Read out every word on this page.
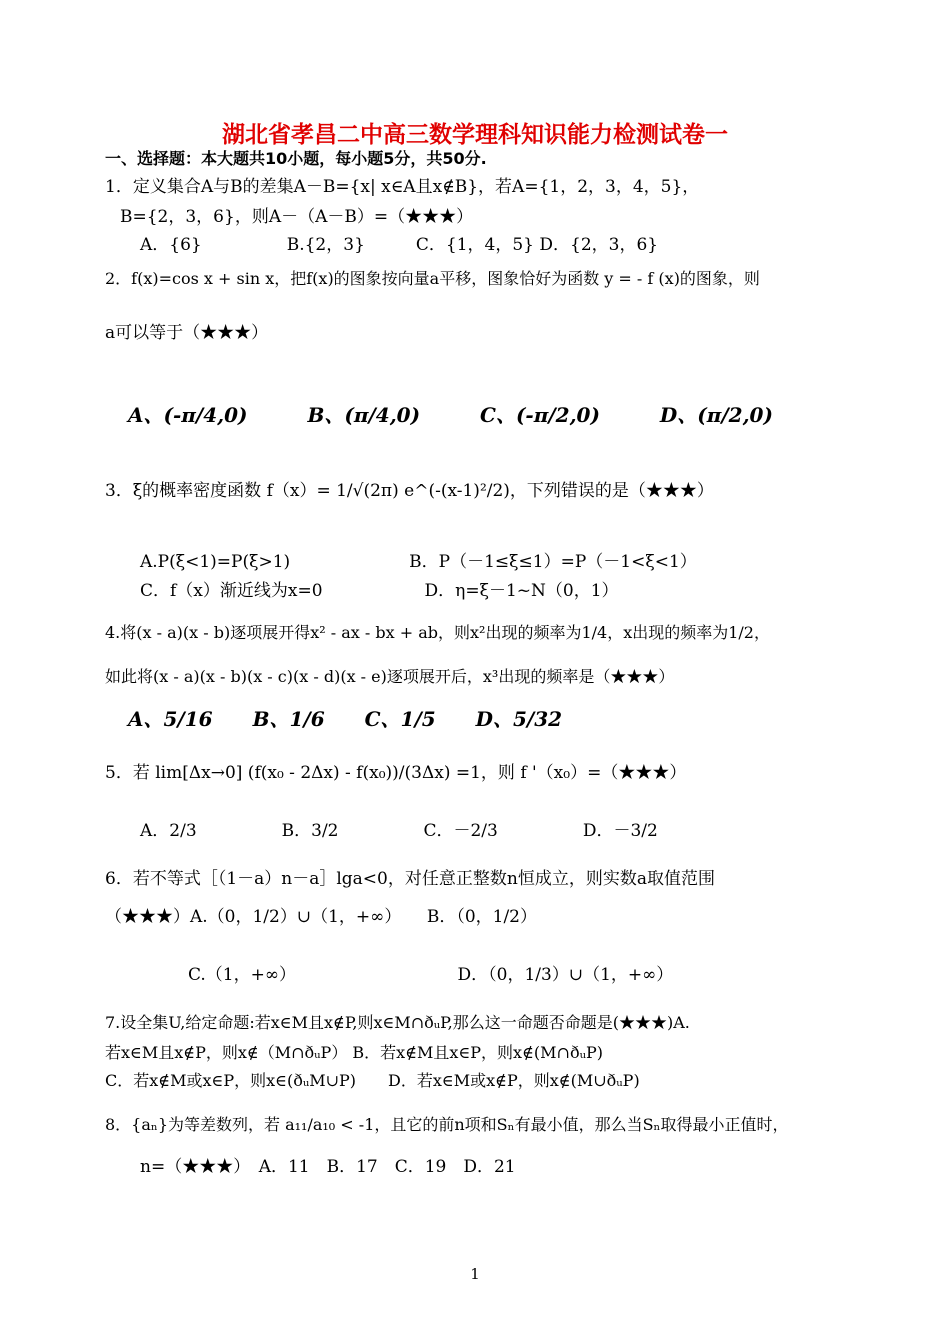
湖北省孝昌二中高三数学理科知识能力检测试卷一
一、选择题：本大题共10小题，每小题5分，共50分.
1．定义集合A与B的差集A－B={x| x∈A且x∉B}，若A={1，2，3，4，5}，
B={2，3，6}，则A－（A－B）=（★★★）
A．{6}　　　　　B.{2，3}　　　C．{1，4，5} D．{2，3，6}
2．f(x)=cos x + sin x，把f(x)的图象按向量a平移，图象恰好为函数 y = - f (x)的图象，则
a可以等于（★★★）
A、(-π/4,0)　　　B、(π/4,0)　　　C、(-π/2,0)　　　D、(π/2,0)
3．ξ的概率密度函数 f（x）= 1/√(2π) e^(-(x-1)²/2)，下列错误的是（★★★）
A.P(ξ<1)=P(ξ>1)　　　　　　　B．P（－1≤ξ≤1）=P（－1<ξ<1）
C．f（x）渐近线为x=0　　　　　　D．η=ξ－1~N（0，1）
4.将(x - a)(x - b)逐项展开得x² - ax - bx + ab，则x²出现的频率为1/4，x出现的频率为1/2，
如此将(x - a)(x - b)(x - c)(x - d)(x - e)逐项展开后，x³出现的频率是（★★★）
A、5/16　　B、1/6　　C、1/5　　D、5/32
5．若 lim[Δx→0] (f(x₀ - 2Δx) - f(x₀))/(3Δx) =1，则 f '（x₀）=（★★★）
A．2/3　　　　　B．3/2　　　　　C．－2/3　　　　　D．－3/2
6．若不等式［（1－a）n－a］lga<0，对任意正整数n恒成立，则实数a取值范围
（★★★）A.（0，1/2）∪（1，+∞）　　B．（0，1/2）
C.（1，+∞）　　　　　　　　　　D．（0，1/3）∪（1，+∞）
7.设全集U,给定命题:若x∈M且x∉P,则x∈M∩ðᵤP,那么这一命题否命题是(★★★)A.
若x∈M且x∉P，则x∉（M∩ðᵤP） B．若x∉M且x∈P，则x∉(M∩ðᵤP)
C．若x∉M或x∈P，则x∈(ðᵤM∪P)　　D．若x∈M或x∉P，则x∉(M∪ðᵤP)
8．{aₙ}为等差数列，若 a₁₁/a₁₀ < -1，且它的前n项和Sₙ有最小值，那么当Sₙ取得最小正值时，
n=（★★★）　A．11　B．17　C．19　D．21
1
